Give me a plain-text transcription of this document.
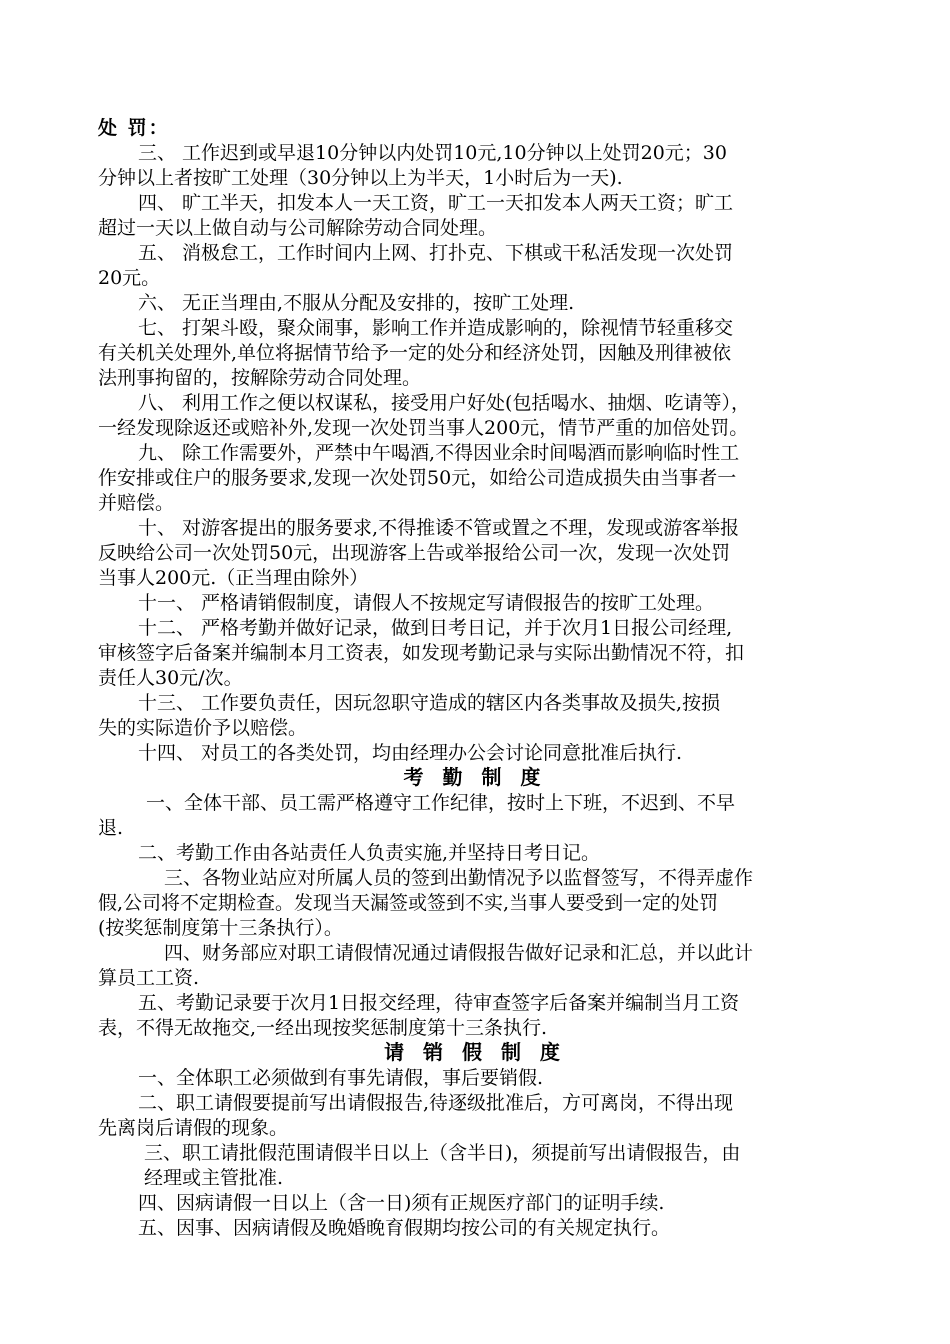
处 罚：
三、 工作迟到或早退10分钟以内处罚10元,10分钟以上处罚20元；30
分钟以上者按旷工处理（30分钟以上为半天，1小时后为一天).
四、 旷工半天，扣发本人一天工资，旷工一天扣发本人两天工资；旷工
超过一天以上做自动与公司解除劳动合同处理。
五、 消极怠工，工作时间内上网、打扑克、下棋或干私活发现一次处罚
20元。
六、 无正当理由,不服从分配及安排的，按旷工处理.
七、 打架斗殴，聚众闹事，影响工作并造成影响的，除视情节轻重移交
有关机关处理外,单位将据情节给予一定的处分和经济处罚，因触及刑律被依
法刑事拘留的，按解除劳动合同处理。
八、 利用工作之便以权谋私，接受用户好处(包括喝水、抽烟、吃请等），
一经发现除返还或赔补外,发现一次处罚当事人200元，情节严重的加倍处罚。
九、 除工作需要外，严禁中午喝酒,不得因业余时间喝酒而影响临时性工
作安排或住户的服务要求,发现一次处罚50元，如给公司造成损失由当事者一
并赔偿。
十、 对游客提出的服务要求,不得推诿不管或置之不理，发现或游客举报
反映给公司一次处罚50元，出现游客上告或举报给公司一次，发现一次处罚
当事人200元.（正当理由除外）
十一、 严格请销假制度，请假人不按规定写请假报告的按旷工处理。
十二、 严格考勤并做好记录，做到日考日记，并于次月1日报公司经理,
审核签字后备案并编制本月工资表，如发现考勤记录与实际出勤情况不符，扣
责任人30元/次。
十三、 工作要负责任，因玩忽职守造成的辖区内各类事故及损失,按损
失的实际造价予以赔偿。
十四、 对员工的各类处罚，均由经理办公会讨论同意批准后执行.
考 勤 制 度
一、全体干部、员工需严格遵守工作纪律，按时上下班，不迟到、不早
退.
二、考勤工作由各站责任人负责实施,并坚持日考日记。
三、各物业站应对所属人员的签到出勤情况予以监督签写，不得弄虚作
假,公司将不定期检查。发现当天漏签或签到不实,当事人要受到一定的处罚
(按奖惩制度第十三条执行）。
四、财务部应对职工请假情况通过请假报告做好记录和汇总，并以此计
算员工工资.
五、考勤记录要于次月1日报交经理，待审查签字后备案并编制当月工资
表，不得无故拖交,一经出现按奖惩制度第十三条执行.
请 销 假 制 度
一、全体职工必须做到有事先请假，事后要销假.
二、职工请假要提前写出请假报告,待逐级批准后，方可离岗，不得出现
先离岗后请假的现象。
三、职工请批假范围请假半日以上（含半日)，须提前写出请假报告，由
经理或主管批准.
四、因病请假一日以上（含一日)须有正规医疗部门的证明手续.
五、因事、因病请假及晚婚晚育假期均按公司的有关规定执行。
